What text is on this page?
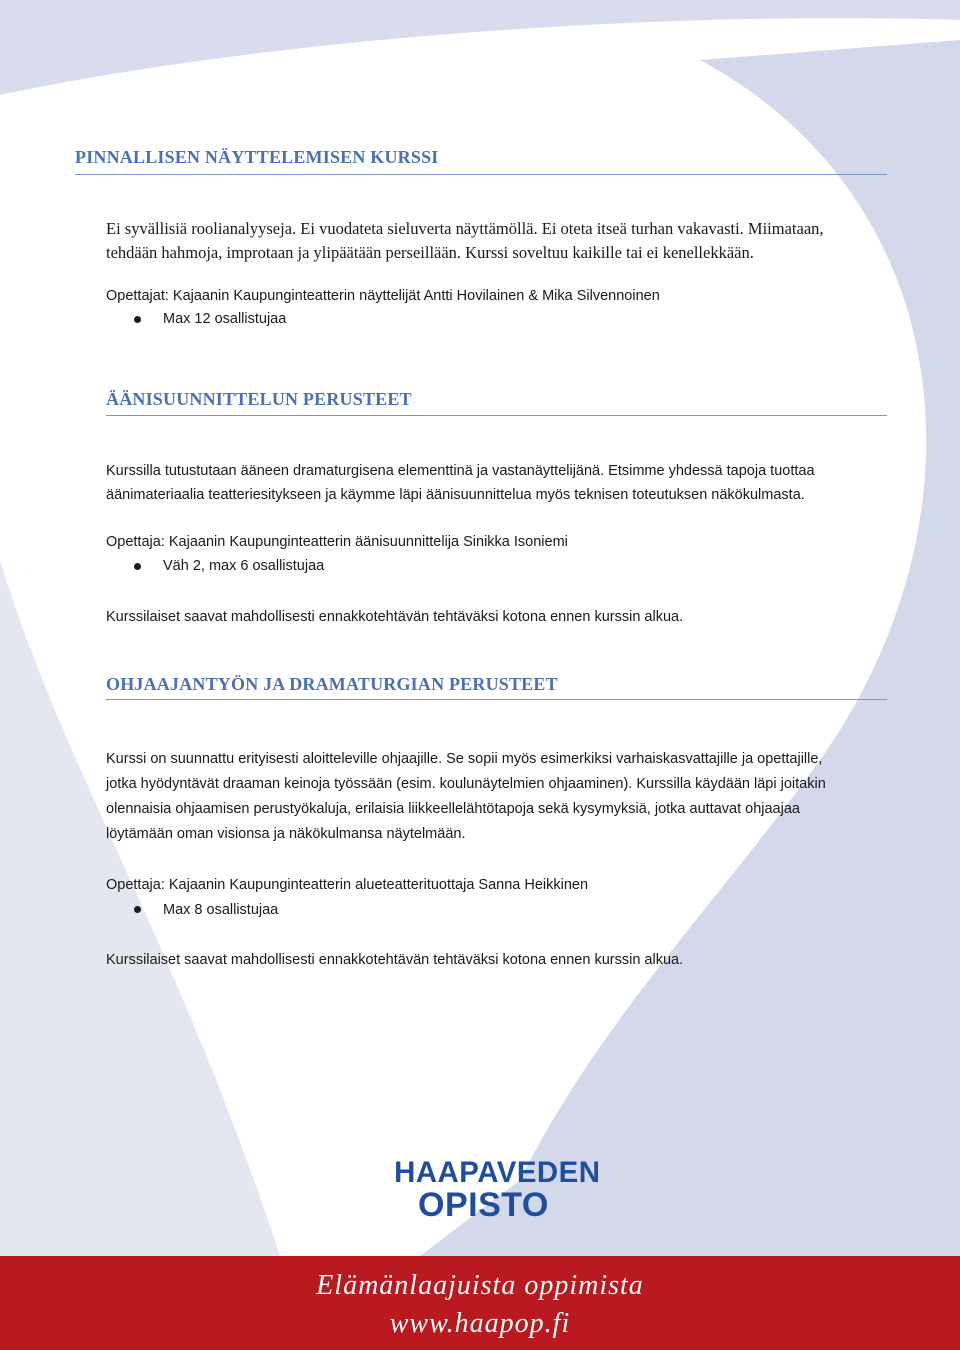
PINNALLISEN NÄYTTELEMISEN KURSSI

Ei syvällisiä roolianalyyseja. Ei vuodateta sieluverta näyttämöllä. Ei oteta itseä turhan vakavasti. Miimataan,

tehdään hahmoja, improtaan ja ylipäätään perseillään. Kurssi soveltuu kaikille tai ei kenellekkään.

Opettajat: Kajaanin Kaupunginteatterin näyttelijät Antti Hovilainen & Mika Silvennoinen

Max 12 osallistujaa
ÄÄNISUUNNITTELUN PERUSTEET

Kurssilla tutustutaan ääneen dramaturgisena elementtinä ja vastanäyttelijänä. Etsimme yhdessä tapoja tuottaa

äänimateriaalia teatteriesitykseen ja käymme läpi äänisuunnittelua myös teknisen toteutuksen näkökulmasta.

Opettaja: Kajaanin Kaupunginteatterin äänisuunnittelija Sinikka Isoniemi

Väh 2, max 6 osallistujaa

Kurssilaiset saavat mahdollisesti ennakkotehtävän tehtäväksi kotona ennen kurssin alkua.

OHJAAJANTYÖN JA DRAMATURGIAN PERUSTEET

Kurssi on suunnattu erityisesti aloitteleville ohjaajille. Se sopii myös esimerkiksi varhaiskasvattajille ja opettajille,

jotka hyödyntävät draaman keinoja työssään (esim. koulunäytelmien ohjaaminen). Kurssilla käydään läpi joitakin

olennaisia ohjaamisen perustyökaluja, erilaisia liikkeellelähtötapoja sekä kysymyksiä, jotka auttavat ohjaajaa

löytämään oman visionsa ja näkökulmansa näytelmään.

Opettaja: Kajaanin Kaupunginteatterin alueteatterituottaja Sanna Heikkinen

Max 8 osallistujaa

Kurssilaiset saavat mahdollisesti ennakkotehtävän tehtäväksi kotona ennen kurssin alkua.

HAAPAVEDEN
OPISTO
Elämänlaajuista oppimista
www.haapop.fi
